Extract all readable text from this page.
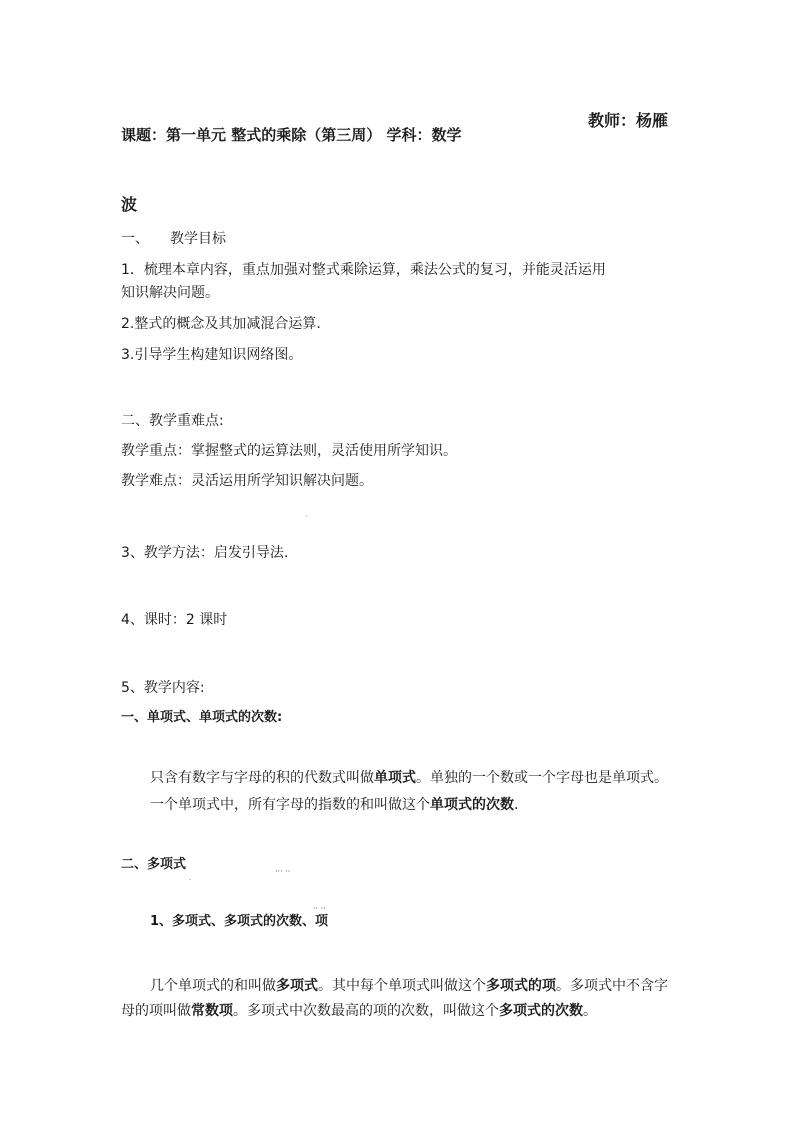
教师：杨雁
课题：第一单元 整式的乘除（第三周） 学科：数学
波
一、 教学目标
1．梳理本章内容，重点加强对整式乘除运算，乘法公式的复习，并能灵活运用
知识解决问题。
2.整式的概念及其加减混合运算.
3.引导学生构建知识网络图。
二、教学重难点:
教学重点：掌握整式的运算法则，灵活使用所学知识。
教学难点：灵活运用所学知识解决问题。
·
3、教学方法：启发引导法.
4、课时：2 课时
5、教学内容:
一、单项式、单项式的次数:
只含有数字与字母的积的代数式叫做单项式。单独的一个数或一个字母也是单项式。
一个单项式中，所有字母的指数的和叫做这个单项式的次数.
二、多项式
.
,,, ,,
1、多项式、多项式的次数、项
,, ,,
几个单项式的和叫做多项式。其中每个单项式叫做这个多项式的项。多项式中不含字
母的项叫做常数项。多项式中次数最高的项的次数，叫做这个多项式的次数。
